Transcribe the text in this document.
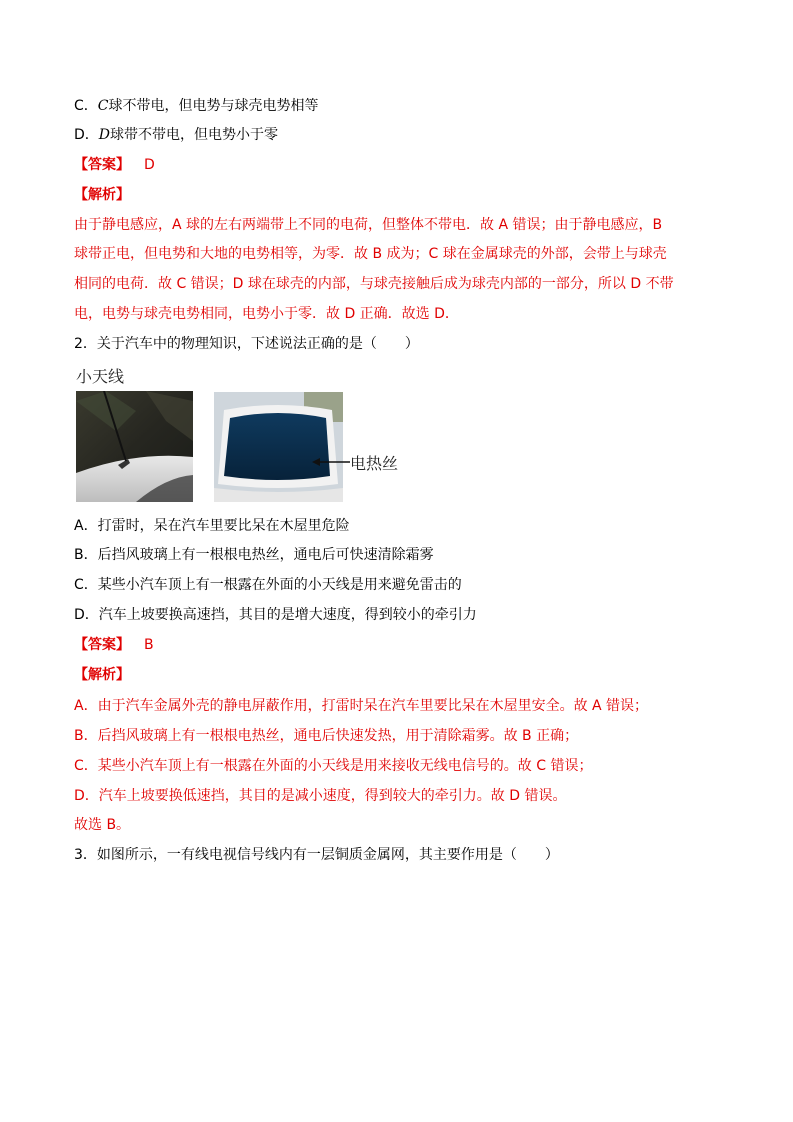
C．C球不带电，但电势与球壳电势相等
D．D球带不带电，但电势小于零
【答案】 D
【解析】
由于静电感应，A 球的左右两端带上不同的电荷，但整体不带电．故 A 错误；由于静电感应，B
球带正电，但电势和大地的电势相等，为零．故 B 成为；C 球在金属球壳的外部，会带上与球壳
相同的电荷．故 C 错误；D 球在球壳的内部，与球壳接触后成为球壳内部的一部分，所以 D 不带
电，电势与球壳电势相同，电势小于零．故 D 正确．故选 D．
2．关于汽车中的物理知识，下述说法正确的是（　　）
小天线
电热丝
A．打雷时，呆在汽车里要比呆在木屋里危险
B．后挡风玻璃上有一根根电热丝，通电后可快速清除霜雾
C．某些小汽车顶上有一根露在外面的小天线是用来避免雷击的
D．汽车上坡要换高速挡，其目的是增大速度，得到较小的牵引力
【答案】 B
【解析】
A．由于汽车金属外壳的静电屏蔽作用，打雷时呆在汽车里要比呆在木屋里安全。故 A 错误；
B．后挡风玻璃上有一根根电热丝，通电后快速发热，用于清除霜雾。故 B 正确；
C．某些小汽车顶上有一根露在外面的小天线是用来接收无线电信号的。故 C 错误；
D．汽车上坡要换低速挡，其目的是减小速度，得到较大的牵引力。故 D 错误。
故选 B。
3．如图所示，一有线电视信号线内有一层铜质金属网，其主要作用是（　　）
